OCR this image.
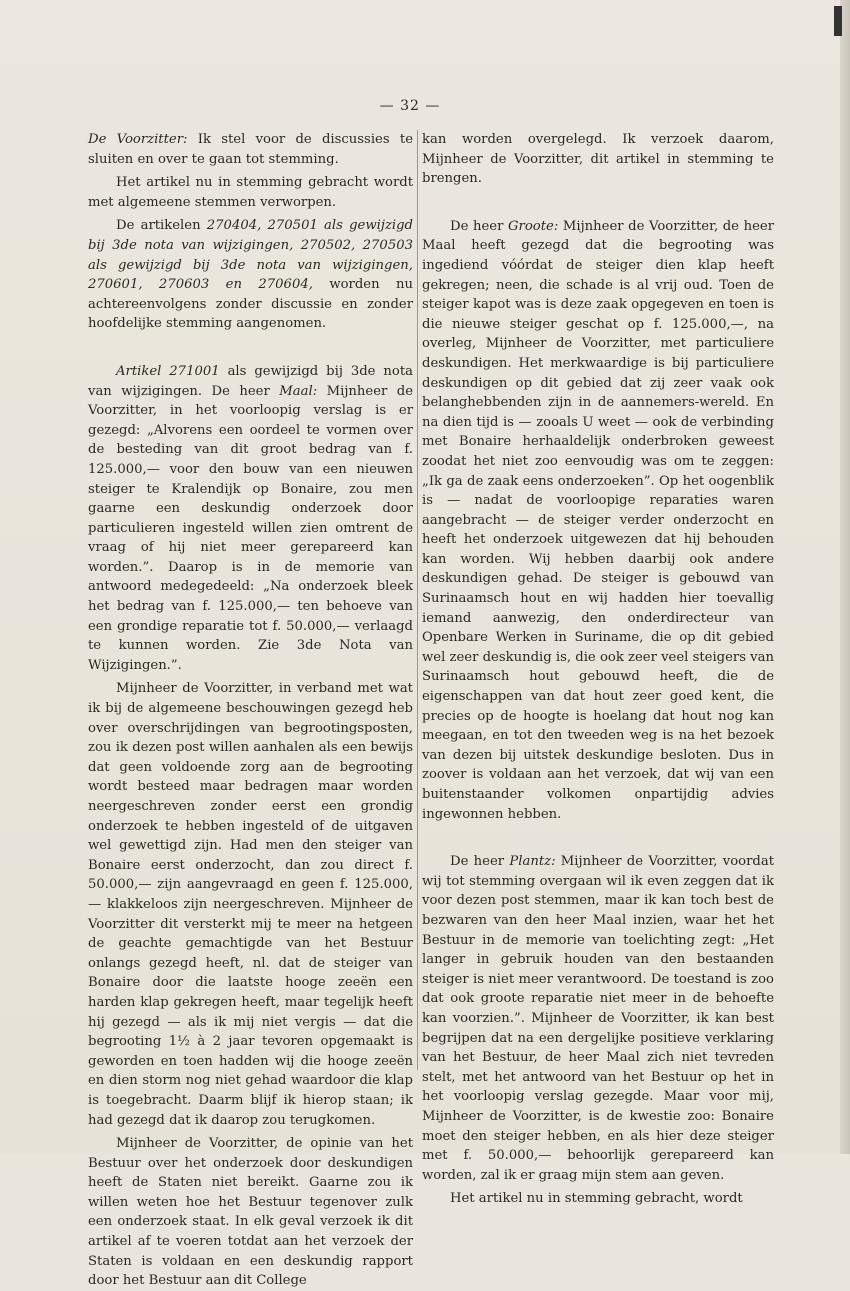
— 32 —

De Voorzitter: Ik stel voor de discussies te sluiten en over te gaan tot stemming.

Het artikel nu in stemming gebracht wordt met algemeene stemmen verworpen.

De artikelen 270404, 270501 als gewijzigd bij 3de nota van wijzigingen, 270502, 270503 als gewijzigd bij 3de nota van wijzigingen, 270601, 270603 en 270604, worden nu achtereenvolgens zonder discussie en zonder hoofdelijke stemming aangenomen.

Artikel 271001 als gewijzigd bij 3de nota van wijzigingen. De heer Maal: Mijnheer de Voorzitter, in het voorloopig verslag is er gezegd: „Alvorens een oordeel te vormen over de besteding van dit groot bedrag van f. 125.000,— voor den bouw van een nieuwen steiger te Kralendijk op Bonaire, zou men gaarne een deskundig onderzoek door particulieren ingesteld willen zien omtrent de vraag of hij niet meer gerepareerd kan worden.”. Daarop is in de memorie van antwoord medegedeeld: „Na onderzoek bleek het bedrag van f. 125.000,— ten behoeve van een grondige reparatie tot f. 50.000,— verlaagd te kunnen worden. Zie 3de Nota van Wijzigingen.”.

Mijnheer de Voorzitter, in verband met wat ik bij de algemeene beschouwingen gezegd heb over overschrijdingen van begrootingsposten, zou ik dezen post willen aanhalen als een bewijs dat geen voldoende zorg aan de begrooting wordt besteed maar bedragen maar worden neergeschreven zonder eerst een grondig onderzoek te hebben ingesteld of de uitgaven wel gewettigd zijn. Had men den steiger van Bonaire eerst onderzocht, dan zou direct f. 50.000,— zijn aangevraagd en geen f. 125.000,— klakkeloos zijn neergeschreven. Mijnheer de Voorzitter dit versterkt mij te meer na hetgeen de geachte gemachtigde van het Bestuur onlangs gezegd heeft, nl. dat de steiger van Bonaire door die laatste hooge zeeën een harden klap gekregen heeft, maar tegelijk heeft hij gezegd — als ik mij niet vergis — dat die begrooting 1½ à 2 jaar tevoren opgemaakt is geworden en toen hadden wij die hooge zeeën en dien storm nog niet gehad waardoor die klap is toegebracht. Daarm blijf ik hierop staan; ik had gezegd dat ik daarop zou terugkomen.

Mijnheer de Voorzitter, de opinie van het Bestuur over het onderzoek door deskundigen heeft de Staten niet bereikt. Gaarne zou ik willen weten hoe het Bestuur tegenover zulk een onderzoek staat. In elk geval verzoek ik dit artikel af te voeren totdat aan het verzoek der Staten is voldaan en een deskundig rapport door het Bestuur aan dit College

kan worden overgelegd. Ik verzoek daarom, Mijnheer de Voorzitter, dit artikel in stemming te brengen.

De heer Groote: Mijnheer de Voorzitter, de heer Maal heeft gezegd dat die begrooting was ingediend vóórdat de steiger dien klap heeft gekregen; neen, die schade is al vrij oud. Toen de steiger kapot was is deze zaak opgegeven en toen is die nieuwe steiger geschat op f. 125.000,—, na overleg, Mijnheer de Voorzitter, met particuliere deskundigen. Het merkwaardige is bij particuliere deskundigen op dit gebied dat zij zeer vaak ook belanghebbenden zijn in de aannemers-wereld. En na dien tijd is — zooals U weet — ook de verbinding met Bonaire herhaaldelijk onderbroken geweest zoodat het niet zoo eenvoudig was om te zeggen: „Ik ga de zaak eens onderzoeken”. Op het oogenblik is — nadat de voorloopige reparaties waren aangebracht — de steiger verder onderzocht en heeft het onderzoek uitgewezen dat hij behouden kan worden. Wij hebben daarbij ook andere deskundigen gehad. De steiger is gebouwd van Surinaamsch hout en wij hadden hier toevallig iemand aanwezig, den onderdirecteur van Openbare Werken in Suriname, die op dit gebied wel zeer deskundig is, die ook zeer veel steigers van Surinaamsch hout gebouwd heeft, die de eigenschappen van dat hout zeer goed kent, die precies op de hoogte is hoelang dat hout nog kan meegaan, en tot den tweeden weg is na het bezoek van dezen bij uitstek deskundige besloten. Dus in zoover is voldaan aan het verzoek, dat wij van een buitenstaander volkomen onpartijdig advies ingewonnen hebben.

De heer Plantz: Mijnheer de Voorzitter, voordat wij tot stemming overgaan wil ik even zeggen dat ik voor dezen post stemmen, maar ik kan toch best de bezwaren van den heer Maal inzien, waar het het Bestuur in de memorie van toelichting zegt: „Het langer in gebruik houden van den bestaanden steiger is niet meer verantwoord. De toestand is zoo dat ook groote reparatie niet meer in de behoefte kan voorzien.”. Mijnheer de Voorzitter, ik kan best begrijpen dat na een dergelijke positieve verklaring van het Bestuur, de heer Maal zich niet tevreden stelt, met het antwoord van het Bestuur op het in het voorloopig verslag gezegde. Maar voor mij, Mijnheer de Voorzitter, is de kwestie zoo: Bonaire moet den steiger hebben, en als hier deze steiger met f. 50.000,— behoorlijk gerepareerd kan worden, zal ik er graag mijn stem aan geven.

Het artikel nu in stemming gebracht, wordt
